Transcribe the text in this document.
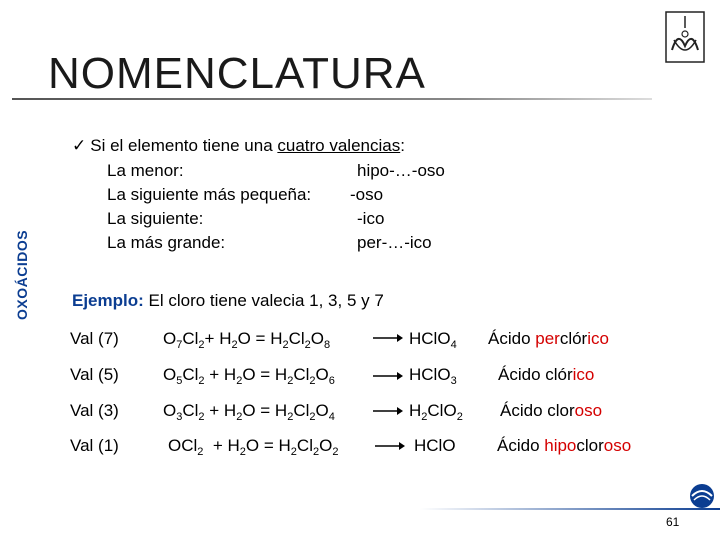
NOMENCLATURA
OXOÁCIDOS
✓ Si el elemento tiene una cuatro valencias:
La menor:	hipo-…-oso
La siguiente más pequeña: -oso
La siguiente:	-ico
La más grande:	per-…-ico
Ejemplo: El cloro tiene valecia 1, 3, 5 y 7
Val (7)	$O_7Cl_2+ H_2O = H_2Cl_2O_8$	HClO$_4$ Ácido perclórico
Val (5)	$O_5Cl_2 + H_2O = H_2Cl_2O_6$	HClO$_3$ Ácido clórico
Val (3)	$O_3Cl_2 + H_2O = H_2Cl_2O_4$	$H_2ClO_2$ Ácido cloroso
Val (1)	$OCl_2 + H_2O = H_2Cl_2O_2$	HClO Ácido hipocloroso
61
